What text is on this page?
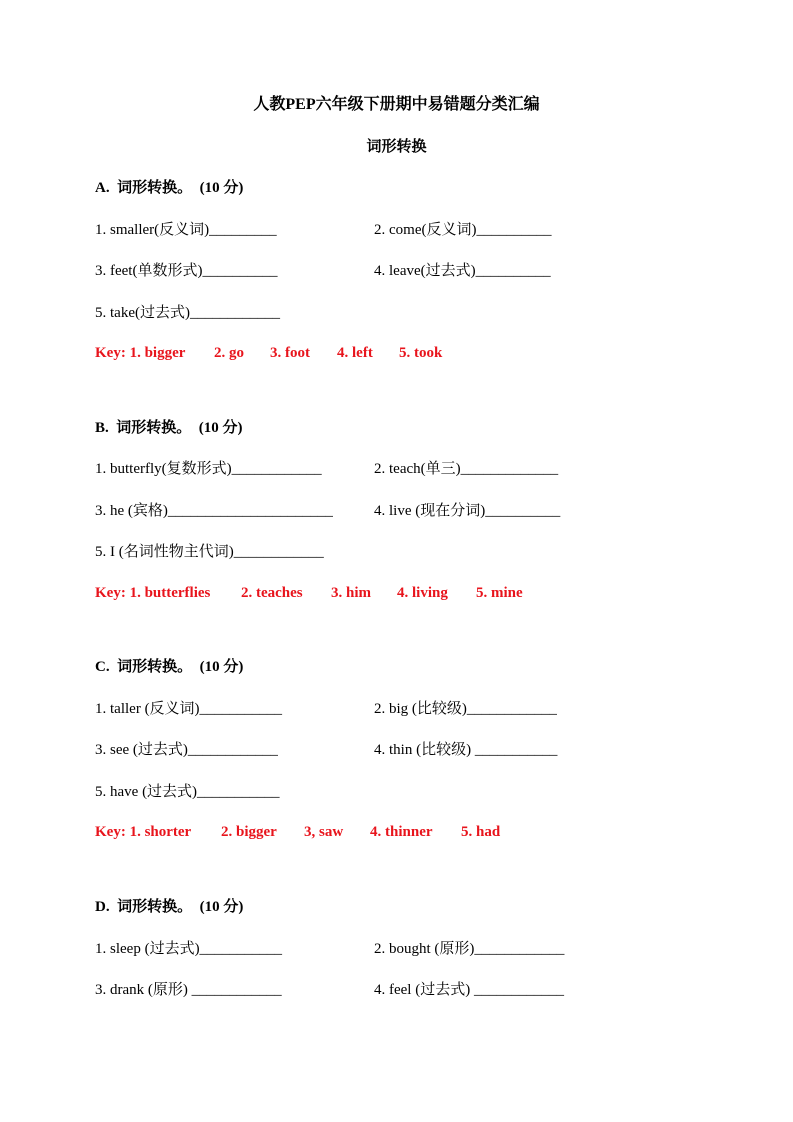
人教PEP六年级下册期中易错题分类汇编
词形转换
A.  词形转换。  (10 分)
1. smaller(反义词)_________	2. come(反义词)__________
3. feet(单数形式)__________	4. leave(过去式)__________
5. take(过去式)____________
Key: 1. bigger 2. go 3. foot 4. left 5. took
B.  词形转换。  (10 分)
1. butterfly(复数形式)____________	2. teach(单三)_____________
3. he (宾格)______________________	4. live (现在分词)__________
5. I (名词性物主代词)____________
Key: 1. butterflies 2. teaches 3. him 4. living 5. mine
C.  词形转换。  (10 分)
1. taller (反义词)___________	2. big (比较级)____________
3. see (过去式)____________	4. thin (比较级) ___________
5. have (过去式)___________
Key: 1. shorter 2. bigger 3, saw 4. thinner 5. had
D.  词形转换。  (10 分)
1. sleep (过去式)___________	2. bought (原形)____________
3. drank (原形) ____________	4. feel (过去式) ____________
